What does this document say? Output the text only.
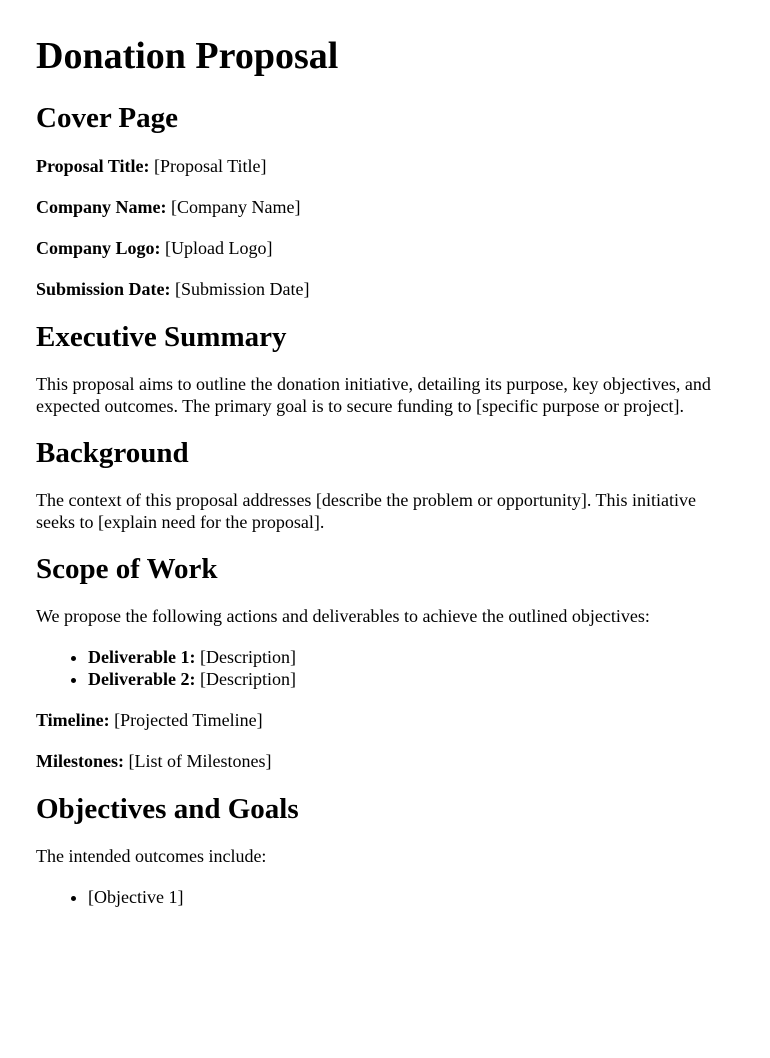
Donation Proposal
Cover Page

Proposal Title: [Proposal Title]

Company Name: [Company Name]

Company Logo: [Upload Logo]

Submission Date: [Submission Date]

Executive Summary

This proposal aims to outline the donation initiative, detailing its purpose, key objectives, and expected outcomes. The primary goal is to secure funding to [specific purpose or project].

Background

The context of this proposal addresses [describe the problem or opportunity]. This initiative seeks to [explain need for the proposal].

Scope of Work

We propose the following actions and deliverables to achieve the outlined objectives:

• Deliverable 1: [Description]
• Deliverable 2: [Description]

Timeline: [Projected Timeline]

Milestones: [List of Milestones]

Objectives and Goals

The intended outcomes include:

• [Objective 1]
